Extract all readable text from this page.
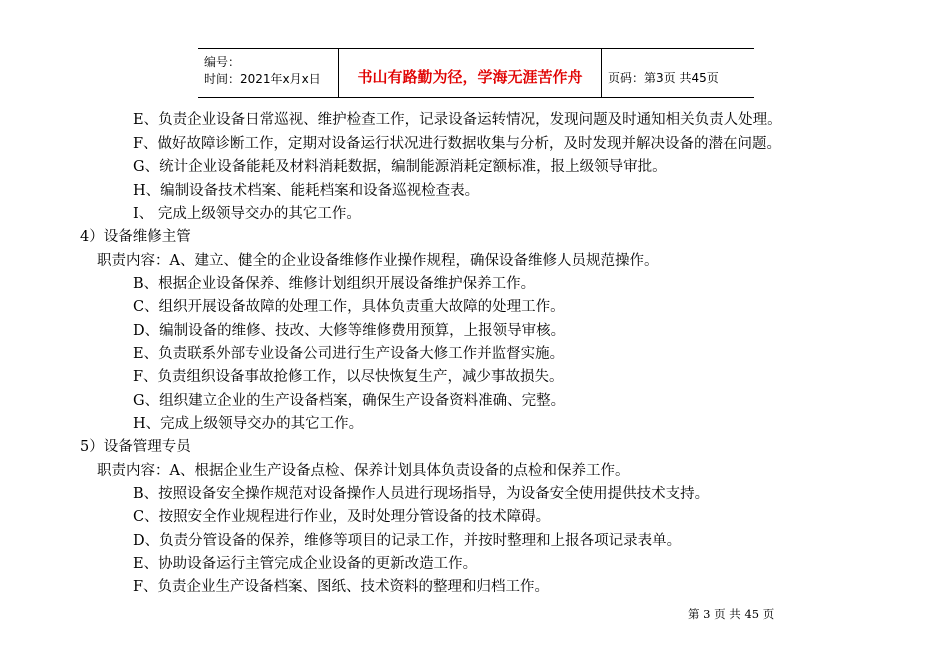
编号：
时间：2021年x月x日	书山有路勤为径，学海无涯苦作舟	页码：第3页 共45页
E、负责企业设备日常巡视、维护检查工作，记录设备运转情况，发现问题及时通知相关负责人处理。
F、做好故障诊断工作，定期对设备运行状况进行数据收集与分析，及时发现并解决设备的潜在问题。
G、统计企业设备能耗及材料消耗数据，编制能源消耗定额标准，报上级领导审批。
H、编制设备技术档案、能耗档案和设备巡视检查表。
I、 完成上级领导交办的其它工作。
4）设备维修主管
职责内容：A、建立、健全的企业设备维修作业操作规程，确保设备维修人员规范操作。
B、根据企业设备保养、维修计划组织开展设备维护保养工作。
C、组织开展设备故障的处理工作，具体负责重大故障的处理工作。
D、编制设备的维修、技改、大修等维修费用预算，上报领导审核。
E、负责联系外部专业设备公司进行生产设备大修工作并监督实施。
F、负责组织设备事故抢修工作，以尽快恢复生产，减少事故损失。
G、组织建立企业的生产设备档案，确保生产设备资料准确、完整。
H、完成上级领导交办的其它工作。
5）设备管理专员
职责内容：A、根据企业生产设备点检、保养计划具体负责设备的点检和保养工作。
B、按照设备安全操作规范对设备操作人员进行现场指导，为设备安全使用提供技术支持。
C、按照安全作业规程进行作业，及时处理分管设备的技术障碍。
D、负责分管设备的保养，维修等项目的记录工作，并按时整理和上报各项记录表单。
E、协助设备运行主管完成企业设备的更新改造工作。
F、负责企业生产设备档案、图纸、技术资料的整理和归档工作。
第 3 页 共 45 页
